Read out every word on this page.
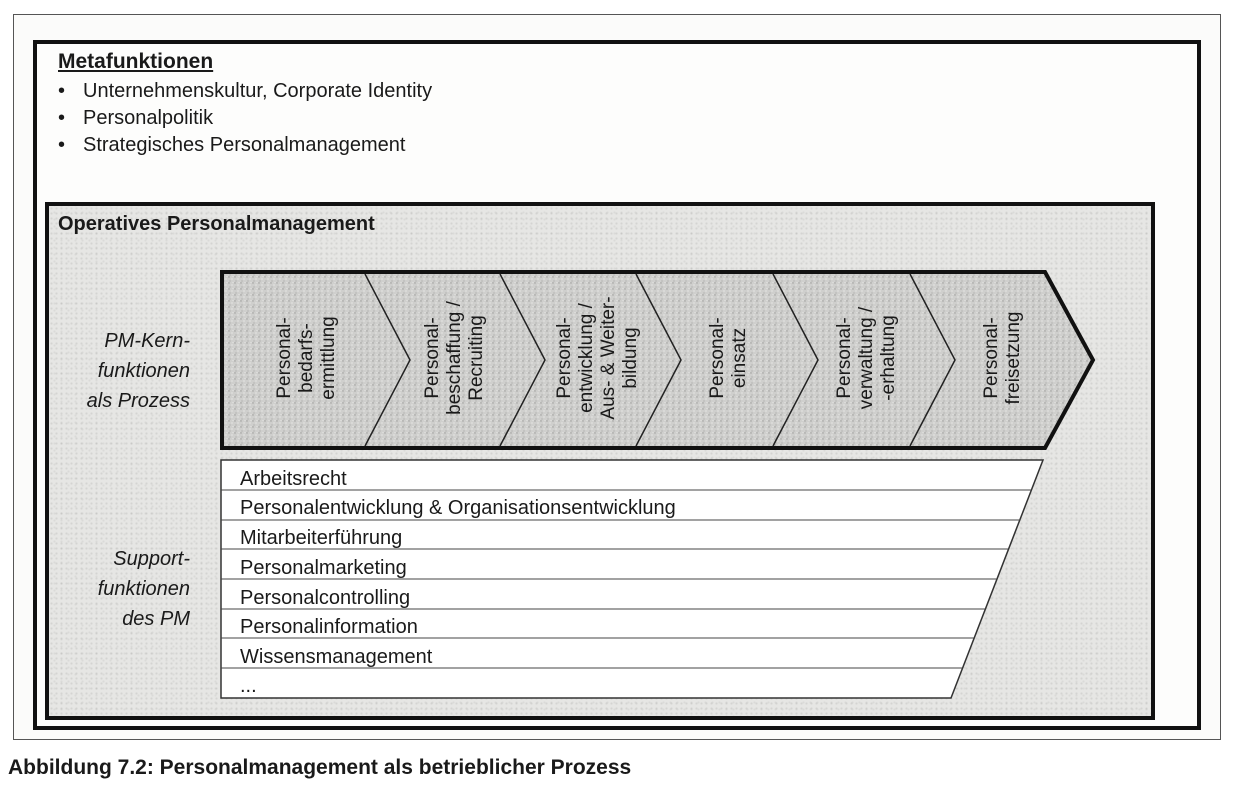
Metafunktionen
• Unternehmenskultur, Corporate Identity
• Personalpolitik
• Strategisches Personalmanagement
Operatives Personalmanagement
PM-Kern-
funktionen
als Prozess
Personal- bedarfs- ermittlung	Personal- beschaffung / Recruiting	Personal- entwicklung / Aus- & Weiter- bildung	Personal- einsatz	Personal- verwaltung / -erhaltung	Personal- freisetzung
Support-
funktionen
des PM
Arbeitsrecht
Personalentwicklung & Organisationsentwicklung
Mitarbeiterführung
Personalmarketing
Personalcontrolling
Personalinformation
Wissensmanagement
...
Abbildung 7.2: Personalmanagement als betrieblicher Prozess
